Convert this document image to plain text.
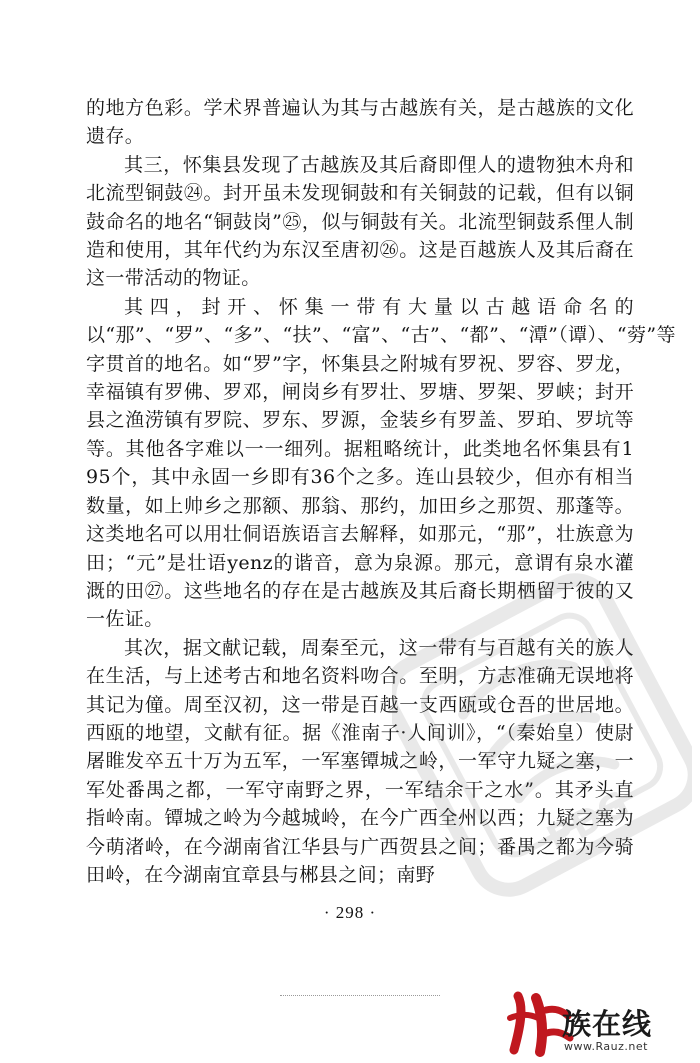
的地方色彩。学术界普遍认为其与古越族有关，是古越族的文化遗存。

其三，怀集县发现了古越族及其后裔即俚人的遗物独木舟和北流型铜鼓㉔。封开虽未发现铜鼓和有关铜鼓的记载，但有以铜鼓命名的地名“铜鼓岗”㉕，似与铜鼓有关。北流型铜鼓系俚人制造和使用，其年代约为东汉至唐初㉖。这是百越族人及其后裔在这一带活动的物证。

其四，封开、怀集一带有大量以古越语命名的以“那”、“罗”、“多”、“扶”、“富”、“古”、“都”、“潭”（谭）、“䓖”等字贯首的地名。如“罗”字，怀集县之附城有罗祝、罗容、罗龙，幸福镇有罗佛、罗邓，闸岗乡有罗壮、罗塘、罗架、罗峡；封开县之渔涝镇有罗院、罗东、罗源，金装乡有罗盖、罗珀、罗坑等等。其他各字难以一一细列。据粗略统计，此类地名怀集县有195个，其中永固一乡即有36个之多。连山县较少，但亦有相当数量，如上帅乡之那额、那翁、那约，加田乡之那贺、那蓬等。这类地名可以用壮侗语族语言去解释，如那元，“那”，壮族意为田；“元”是壮语yenz的谐音，意为泉源。那元，意谓有泉水灌溉的田㉗。这些地名的存在是古越族及其后裔长期栖留于彼的又一佐证。

其次，据文献记载，周秦至元，这一带有与百越有关的族人在生活，与上述考古和地名资料吻合。至明，方志准确无误地将其记为僮。周至汉初，这一带是百越一支西瓯或仓吾的世居地。西瓯的地望，文献有征。据《淮南子·人间训》，“（秦始皇）使尉屠睢发卒五十万为五军，一军塞镡城之岭，一军守九疑之塞，一军处番禺之都，一军守南野之界，一军结余干之水”。其矛头直指岭南。镡城之岭为今越城岭，在今广西全州以西；九疑之塞为今萌渚岭，在今湖南省江华县与广西贺县之间；番禺之都为今骑田岭，在今湖南宜章县与郴县之间；南野

PDG
· 298 ·
族在线
www.Rauz.net
